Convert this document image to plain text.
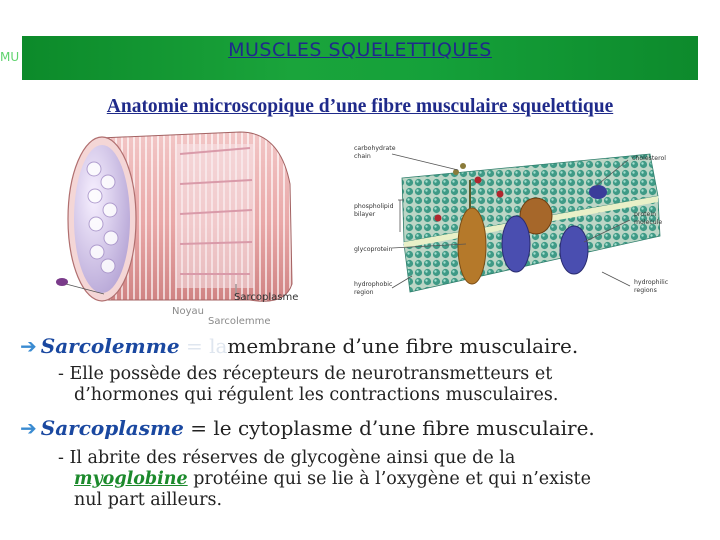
MU	MUSCLES SQUELETTIQUES
Anatomie microscopique d’une fibre musculaire squelettique
Noyau
Sarcoplasme
Sarcolemme
carbohydrate chain
phospholipid bilayer
glycoprotein
hydrophobic region
cholesterol
protein molecule
hydrophilic regions
➔ Sarcolemme = lamembrane d’une fibre musculaire.
- Elle possède des récepteurs de neurotransmetteurs et
d’hormones qui régulent les contractions musculaires.
➔ Sarcoplasme = le cytoplasme d’une fibre musculaire.
- Il abrite des réserves de glycogène ainsi que de la
myoglobine protéine qui se lie à l’oxygène et qui n’existe
nul part ailleurs.
